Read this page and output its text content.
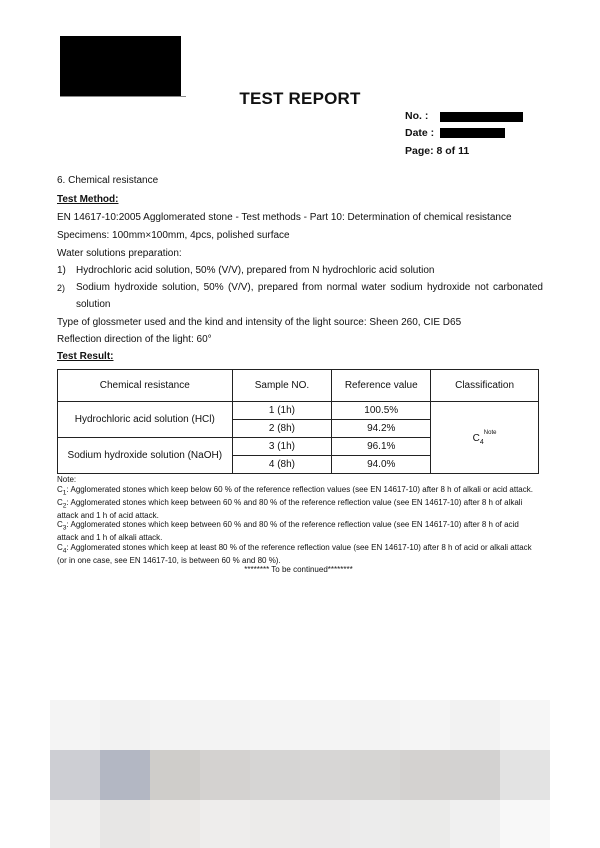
TEST REPORT
No. :
Date :
Page: 8 of 11
6. Chemical resistance
Test Method:
EN 14617-10:2005 Agglomerated stone - Test methods - Part 10: Determination of chemical resistance
Specimens: 100mm×100mm, 4pcs, polished surface
Water solutions preparation:
1) Hydrochloric acid solution, 50% (V/V), prepared from N hydrochloric acid solution
2) Sodium hydroxide solution, 50% (V/V), prepared from normal water sodium hydroxide not carbonated
solution
Type of glossmeter used and the kind and intensity of the light source: Sheen 260, CIE D65
Reflection direction of the light: 60°
Test Result:
Chemical resistance	Sample NO.	Reference value	Classification
Hydrochloric acid solution (HCl)	1 (1h)	100.5%	$C_4^{Note}$
	2 (8h)	94.2%	
Sodium hydroxide solution (NaOH)	3 (1h)	96.1%	
	4 (8h)	94.0%	

Note:

$C_1$: Agglomerated stones which keep below 60 % of the reference reflection values (see EN 14617-10) after 8 h of alkali or acid attack.

$C_2$: Agglomerated stones which keep between 60 % and 80 % of the reference reflection value (see EN 14617-10) after 8 h of alkali attack and 1 h of acid attack.

$C_3$: Agglomerated stones which keep between 60 % and 80 % of the reference reflection value (see EN 14617-10) after 8 h of acid attack and 1 h of alkali attack.

$C_4$: Agglomerated stones which keep at least 80 % of the reference reflection value (see EN 14617-10) after 8 h of acid or alkali attack (or in one case, see EN 14617-10, is between 60 % and 80 %).

******** To be continued********
